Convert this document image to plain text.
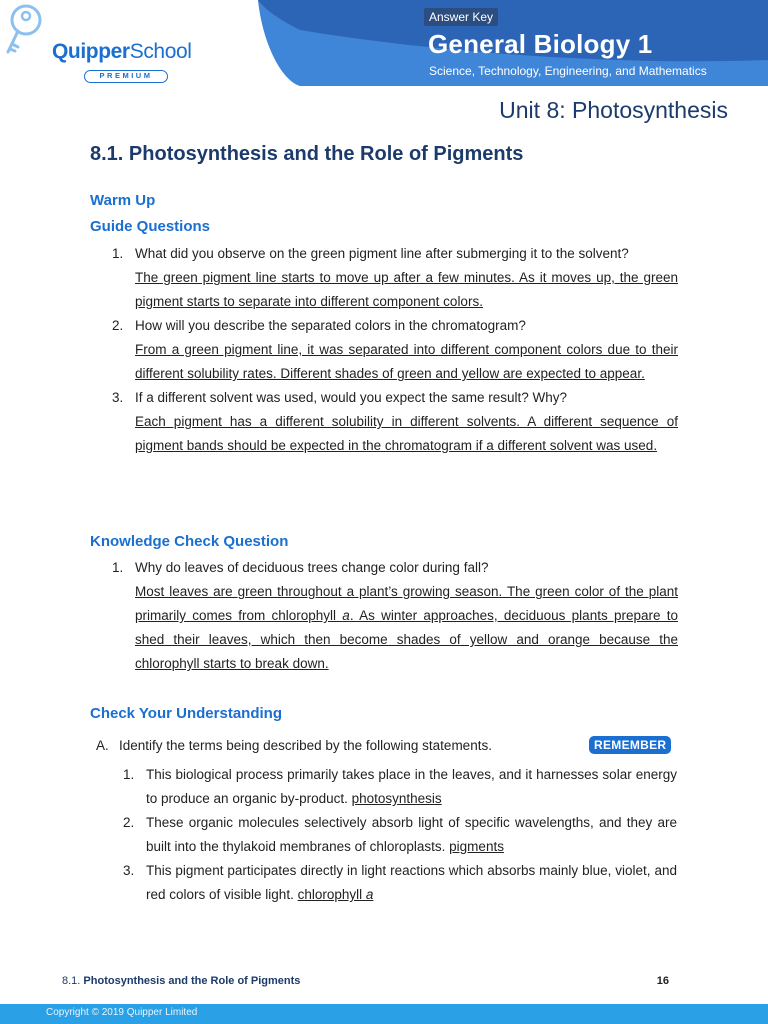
Answer Key
General Biology 1
Science, Technology, Engineering, and Mathematics
QuipperSchool
PREMIUM
Unit 8: Photosynthesis
8.1. Photosynthesis and the Role of Pigments
Warm Up
Guide Questions
1. What did you observe on the green pigment line after submerging it to the solvent?
The green pigment line starts to move up after a few minutes. As it moves up, the green pigment starts to separate into different component colors.
2. How will you describe the separated colors in the chromatogram?
From a green pigment line, it was separated into different component colors due to their different solubility rates. Different shades of green and yellow are expected to appear.
3. If a different solvent was used, would you expect the same result? Why?
Each pigment has a different solubility in different solvents. A different sequence of pigment bands should be expected in the chromatogram if a different solvent was used.
Knowledge Check Question
1. Why do leaves of deciduous trees change color during fall?
Most leaves are green throughout a plant’s growing season. The green color of the plant primarily comes from chlorophyll a. As winter approaches, deciduous plants prepare to shed their leaves, which then become shades of yellow and orange because the chlorophyll starts to break down.
Check Your Understanding
A. Identify the terms being described by the following statements.	REMEMBER
1. This biological process primarily takes place in the leaves, and it harnesses solar energy to produce an organic by-product. photosynthesis
2. These organic molecules selectively absorb light of specific wavelengths, and they are built into the thylakoid membranes of chloroplasts. pigments
3. This pigment participates directly in light reactions which absorbs mainly blue, violet, and red colors of visible light. chlorophyll a
8.1. Photosynthesis and the Role of Pigments	16
Copyright © 2019 Quipper Limited
